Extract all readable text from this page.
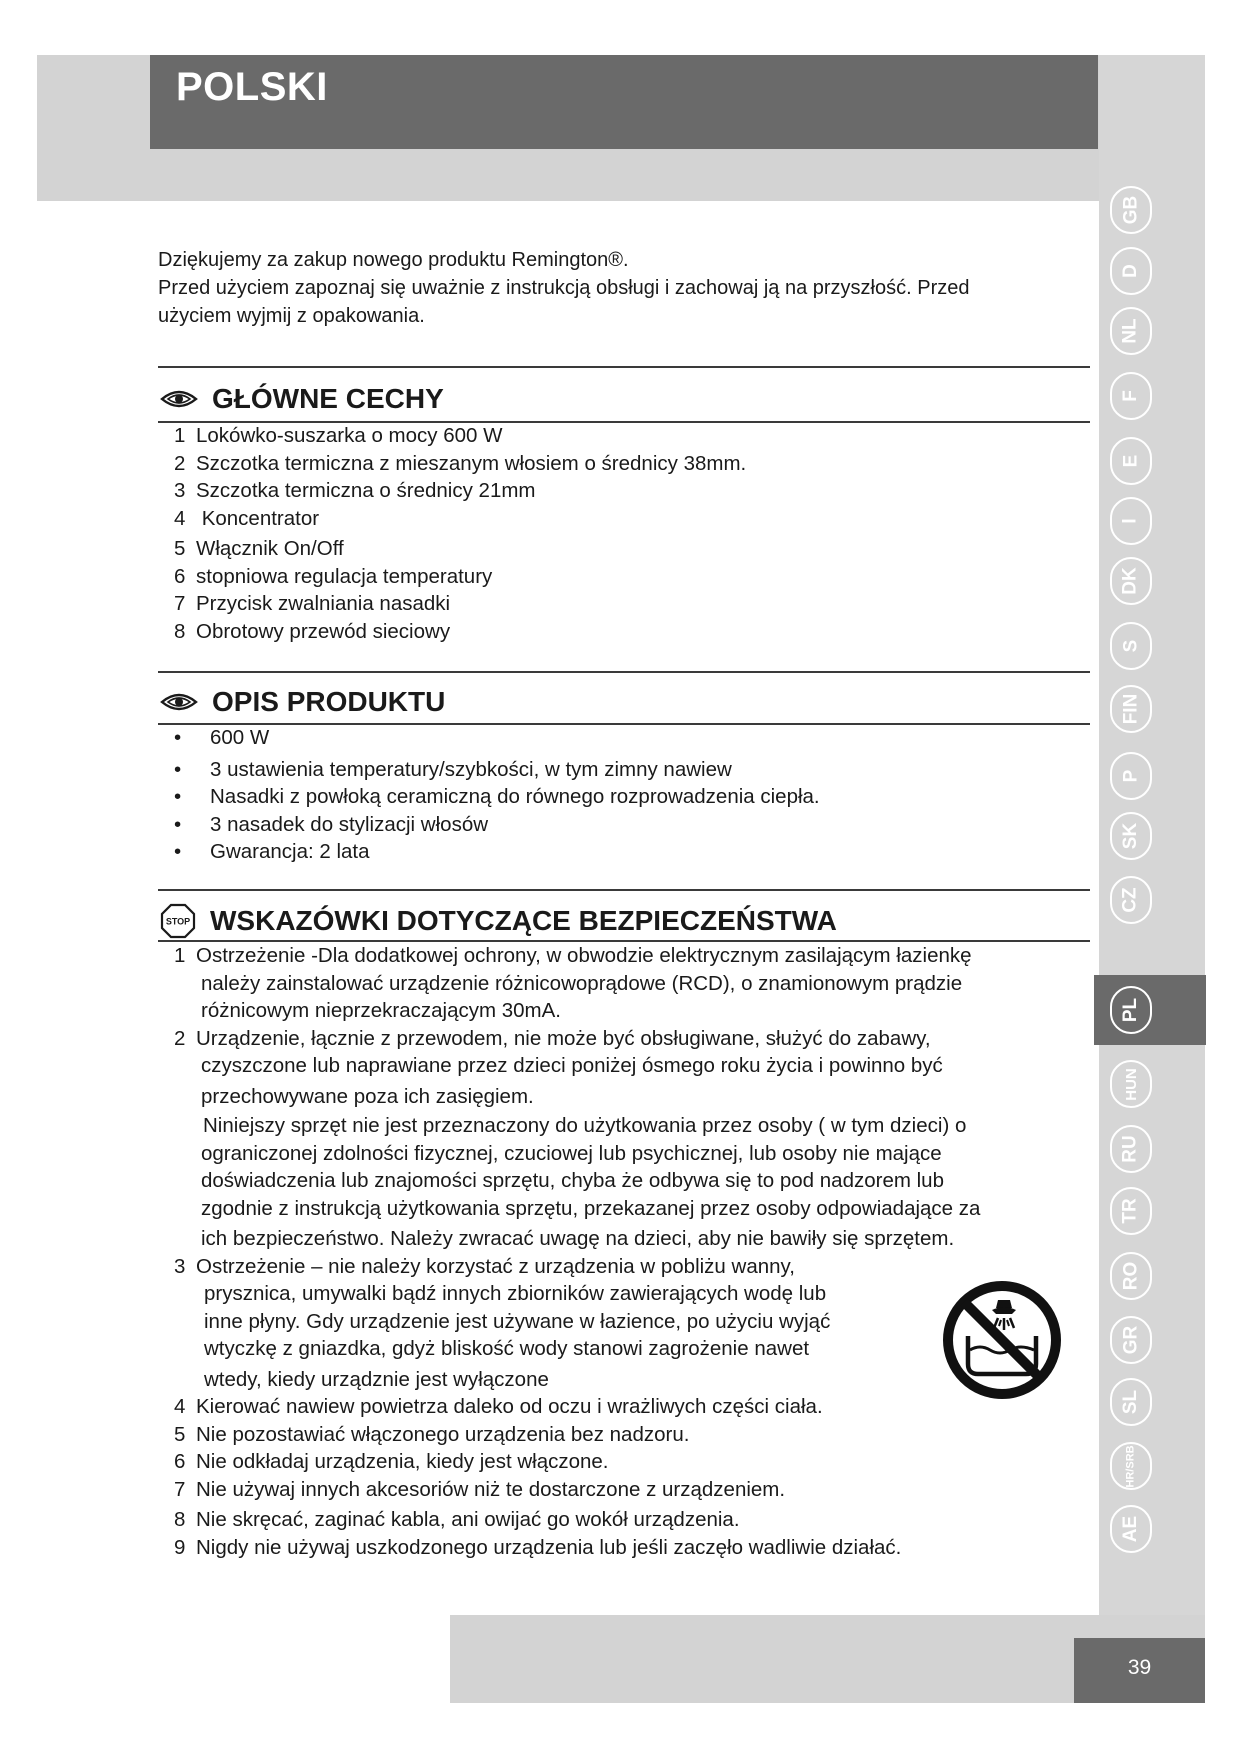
POLSKI
39
GB
D
NL
F
E
I
DK
S
FIN
P
SK
CZ
PL
HUN
RU
TR
RO
GR
SL
HR/SRB
AE
Dziękujemy za zakup nowego produktu Remington®.
Przed użyciem zapoznaj się uważnie z instrukcją obsługi i zachowaj ją na przyszłość. Przed
użyciem wyjmij z opakowania.
GŁÓWNE CECHY
1 Lokówko-suszarka o mocy 600 W
2 Szczotka termiczna z mieszanym włosiem o średnicy 38mm.
3 Szczotka termiczna o średnicy 21mm
4 Koncentrator
5 Włącznik On/Off
6 stopniowa regulacja temperatury
7 Przycisk zwalniania nasadki
8 Obrotowy przewód sieciowy
OPIS PRODUKTU
• 600 W
• 3 ustawienia temperatury/szybkości, w tym zimny nawiew
• Nasadki z powłoką ceramiczną do równego rozprowadzenia ciepła.
• 3 nasadek do stylizacji włosów
• Gwarancja: 2 lata
STOP WSKAZÓWKI DOTYCZĄCE BEZPIECZEŃSTWA
1 Ostrzeżenie -Dla dodatkowej ochrony, w obwodzie elektrycznym zasilającym łazienkę
należy zainstalować urządzenie różnicowoprądowe (RCD), o znamionowym prądzie
różnicowym nieprzekraczającym 30mA.
2 Urządzenie, łącznie z przewodem, nie może być obsługiwane, służyć do zabawy,
czyszczone lub naprawiane przez dzieci poniżej ósmego roku życia i powinno być
przechowywane poza ich zasięgiem.
Niniejszy sprzęt nie jest przeznaczony do użytkowania przez osoby ( w tym dzieci) o
ograniczonej zdolności fizycznej, czuciowej lub psychicznej, lub osoby nie mające
doświadczenia lub znajomości sprzętu, chyba że odbywa się to pod nadzorem lub
zgodnie z instrukcją użytkowania sprzętu, przekazanej przez osoby odpowiadające za
ich bezpieczeństwo. Należy zwracać uwagę na dzieci, aby nie bawiły się sprzętem.
3 Ostrzeżenie – nie należy korzystać z urządzenia w pobliżu wanny,
prysznica, umywalki bądź innych zbiorników zawierających wodę lub
inne płyny. Gdy urządzenie jest używane w łazience, po użyciu wyjąć
wtyczkę z gniazdka, gdyż bliskość wody stanowi zagrożenie nawet
wtedy, kiedy urządznie jest wyłączone
4 Kierować nawiew powietrza daleko od oczu i wrażliwych części ciała.
5 Nie pozostawiać włączonego urządzenia bez nadzoru.
6 Nie odkładaj urządzenia, kiedy jest włączone.
7 Nie używaj innych akcesoriów niż te dostarczone z urządzeniem.
8 Nie skręcać, zaginać kabla, ani owijać go wokół urządzenia.
9 Nigdy nie używaj uszkodzonego urządzenia lub jeśli zaczęło wadliwie działać.
